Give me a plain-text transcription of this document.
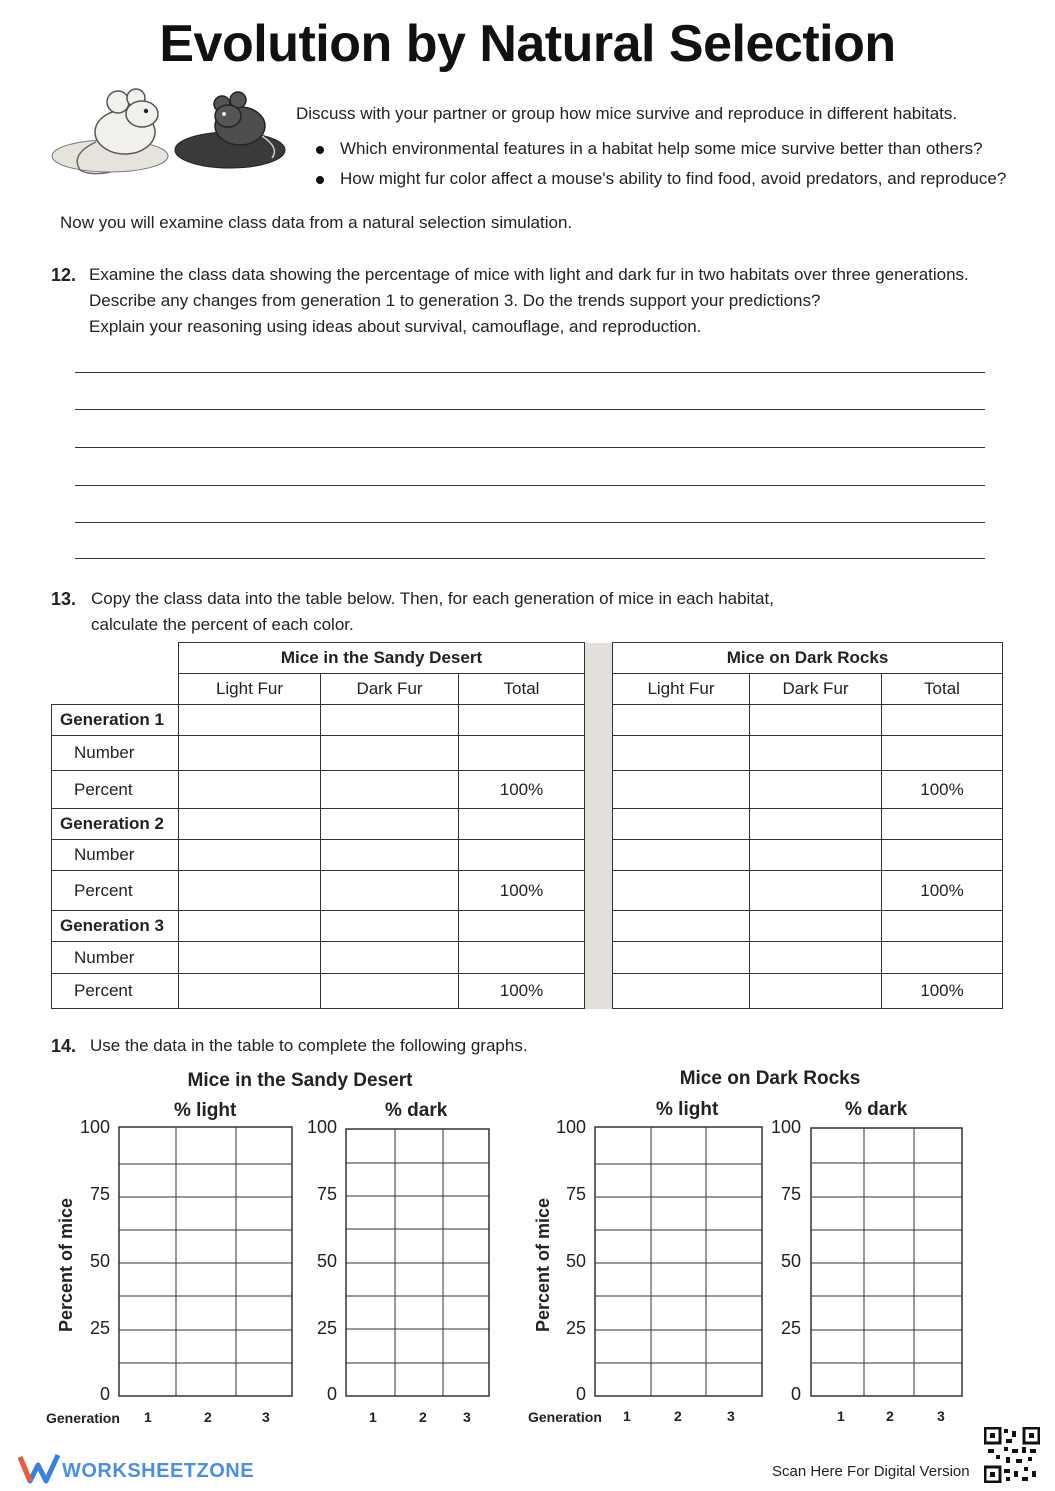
Evolution by Natural Selection
Discuss with your partner or group how mice survive and reproduce in different habitats.
Which environmental features in a habitat help some mice survive better than others?
How might fur color affect a mouse's ability to find food, avoid predators, and reproduce?
Now you will examine class data from a natural selection simulation.
12. Examine the class data showing the percentage of mice with light and dark fur in two habitats over three generations.
Describe any changes from generation 1 to generation 3. Do the trends support your predictions?
Explain your reasoning using ideas about survival, camouflage, and reproduction.
13. Copy the class data into the table below. Then, for each generation of mice in each habitat,
calculate the percent of each color.
	Mice in the Sandy Desert				Mice on Dark Rocks		
	Light Fur	Dark Fur	Total		Light Fur	Dark Fur	Total
Generation 1							
Number							
Percent			100%				100%
Generation 2							
Number							
Percent			100%				100%
Generation 3							
Number							
Percent			100%				100%
14. Use the data in the table to complete the following graphs.
Mice in the Sandy Desert	Mice on Dark Rocks
% light	% dark	% light	% dark
Percent of mice	Percent of mice
100
75
50
25
0
Generation 1	2	3
100
75
50
25
0
1	2	3
100
75
50
25
0
Generation 1	2	3
100
75
50
25
0
1	2	3
WORKSHEETZONE	Scan Here For Digital Version
